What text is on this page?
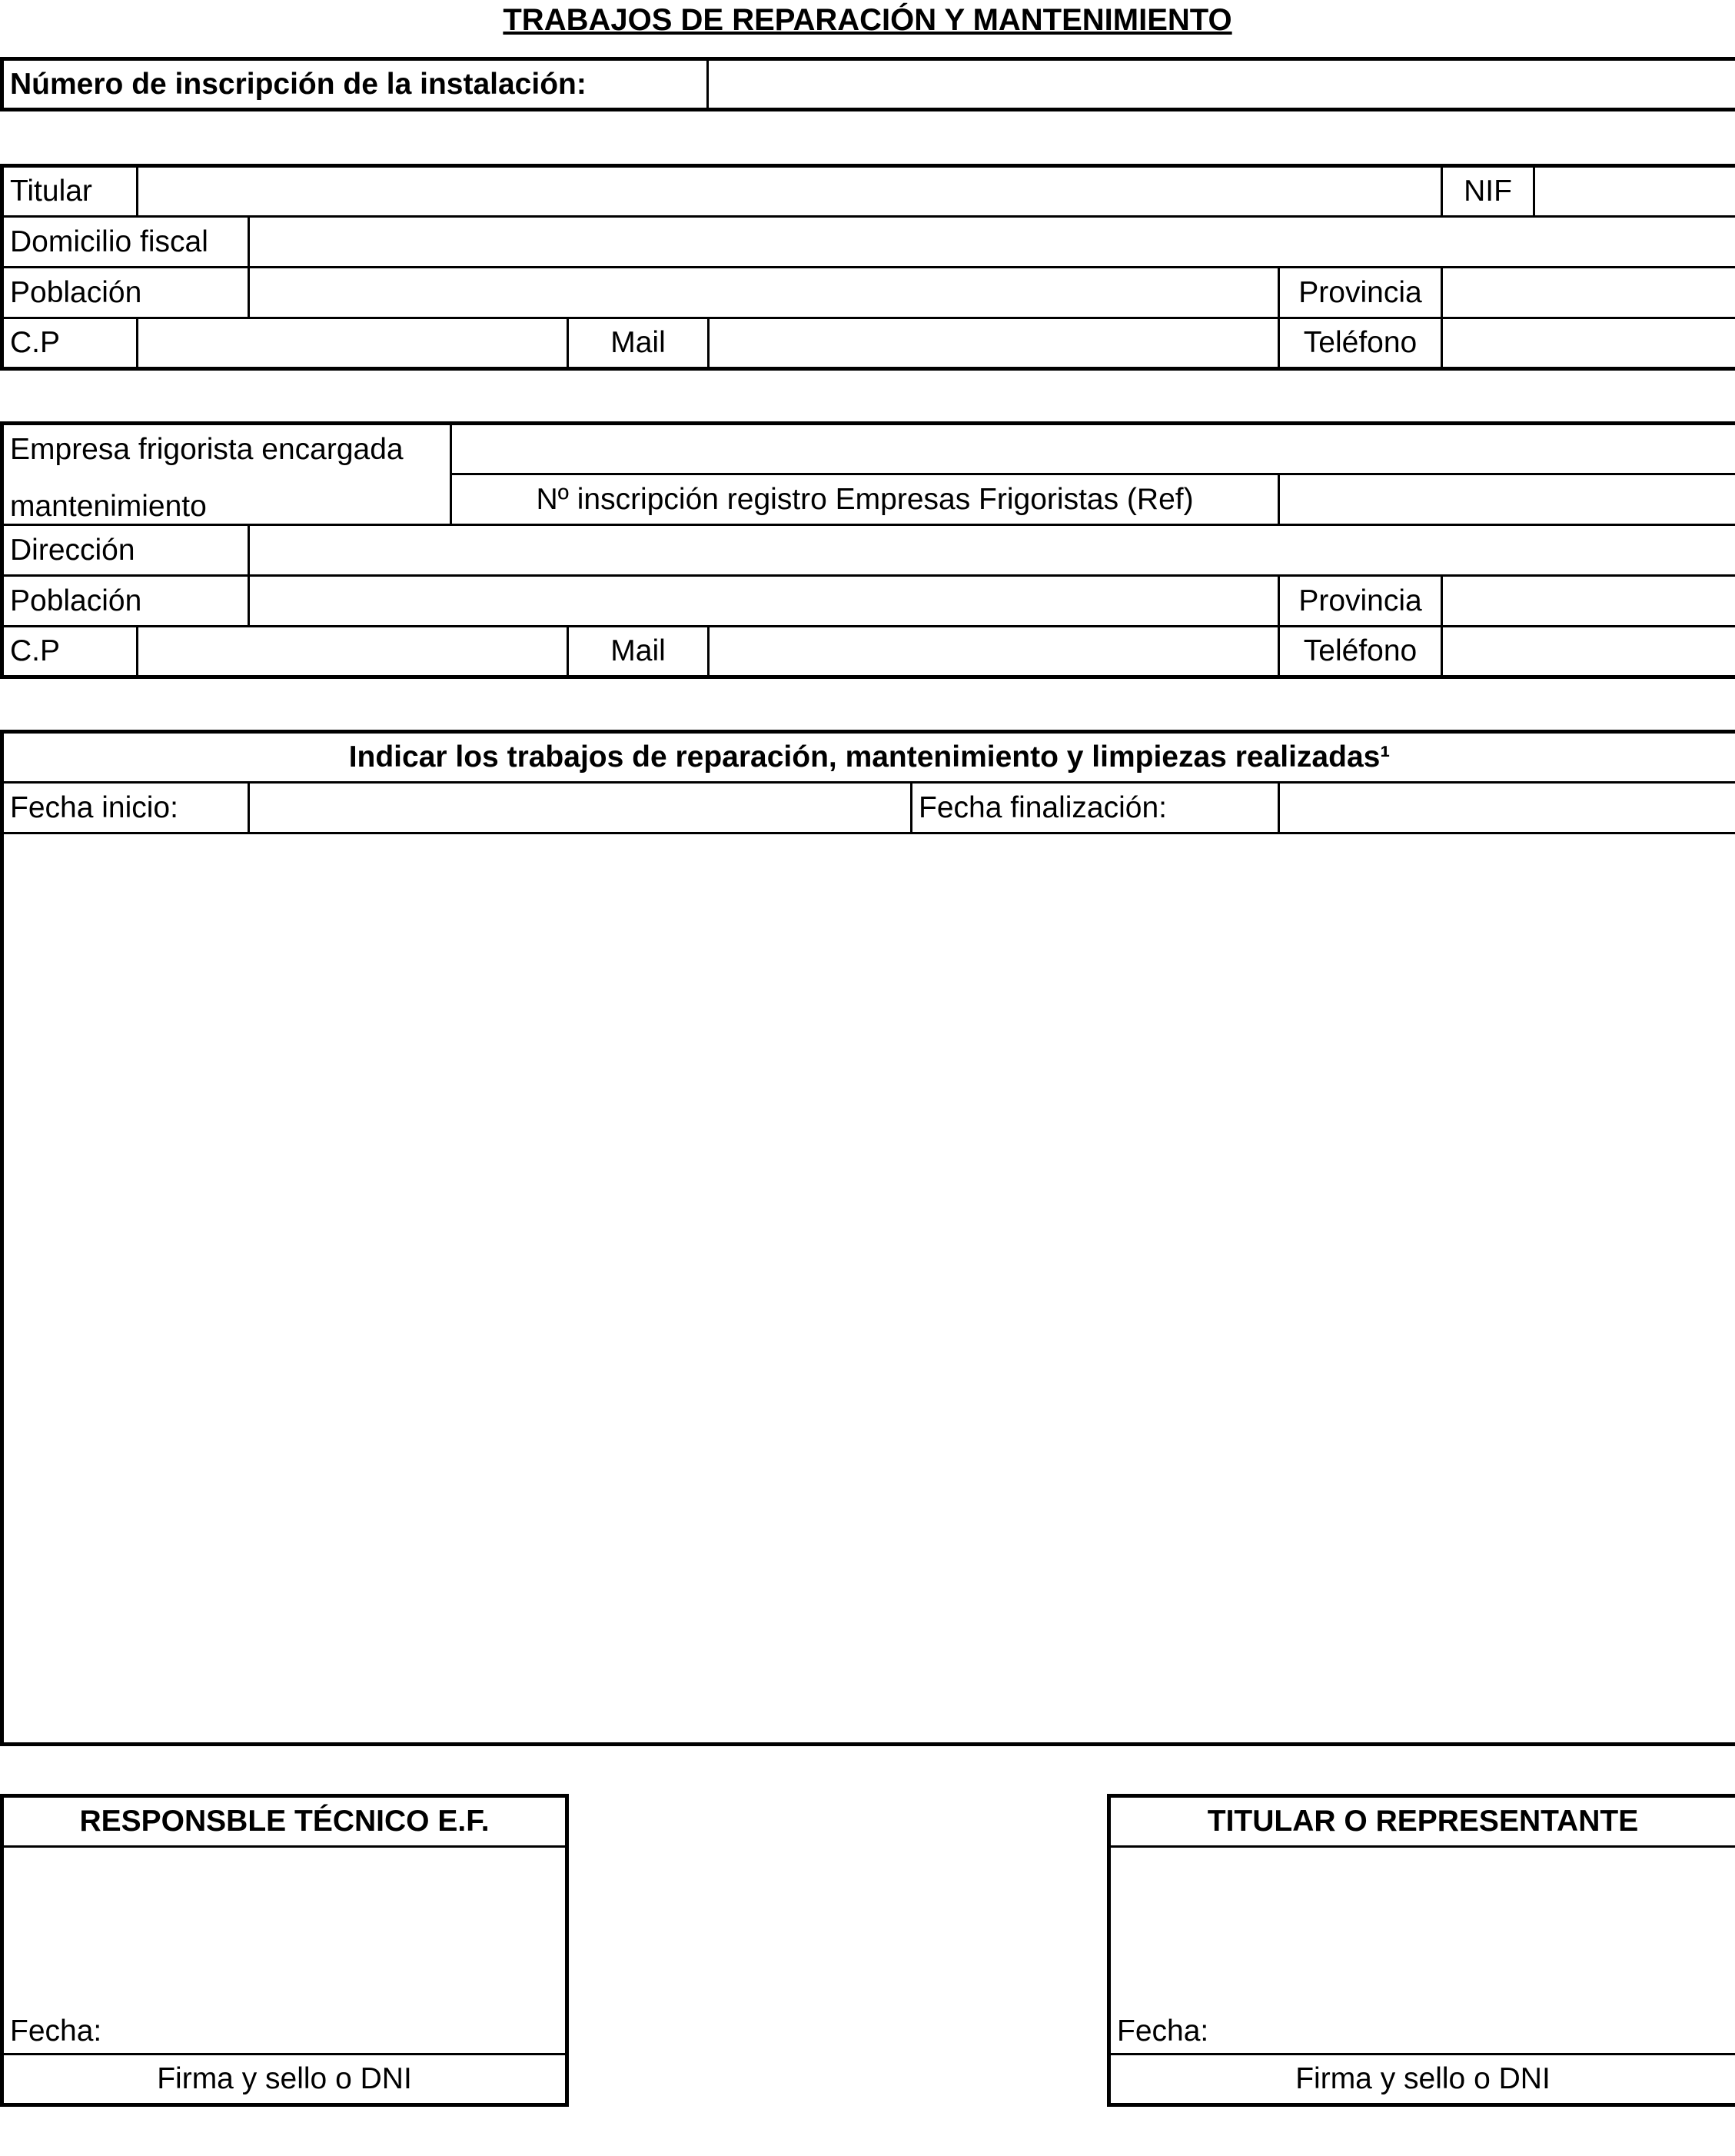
TRABAJOS DE REPARACIÓN Y MANTENIMIENTO
Número de inscripción de la instalación:	
Titular						NIF	
Domicilio fiscal							
Población					Provincia		
C.P			Mail		Teléfono		
Empresa frigorista encargada							
mantenimiento			Nº inscripción registro Empresas Frigoristas (Ref)				
Dirección							
Población						Provincia	
C.P				Mail		Teléfono	
Indicar los trabajos de reparación, mantenimiento y limpiezas realizadas¹
Fecha inicio:		Fecha finalización:	

RESPONSBLE TÉCNICO E.F.
Fecha:
Firma y sello o DNI
TITULAR O REPRESENTANTE
Fecha:
Firma y sello o DNI
